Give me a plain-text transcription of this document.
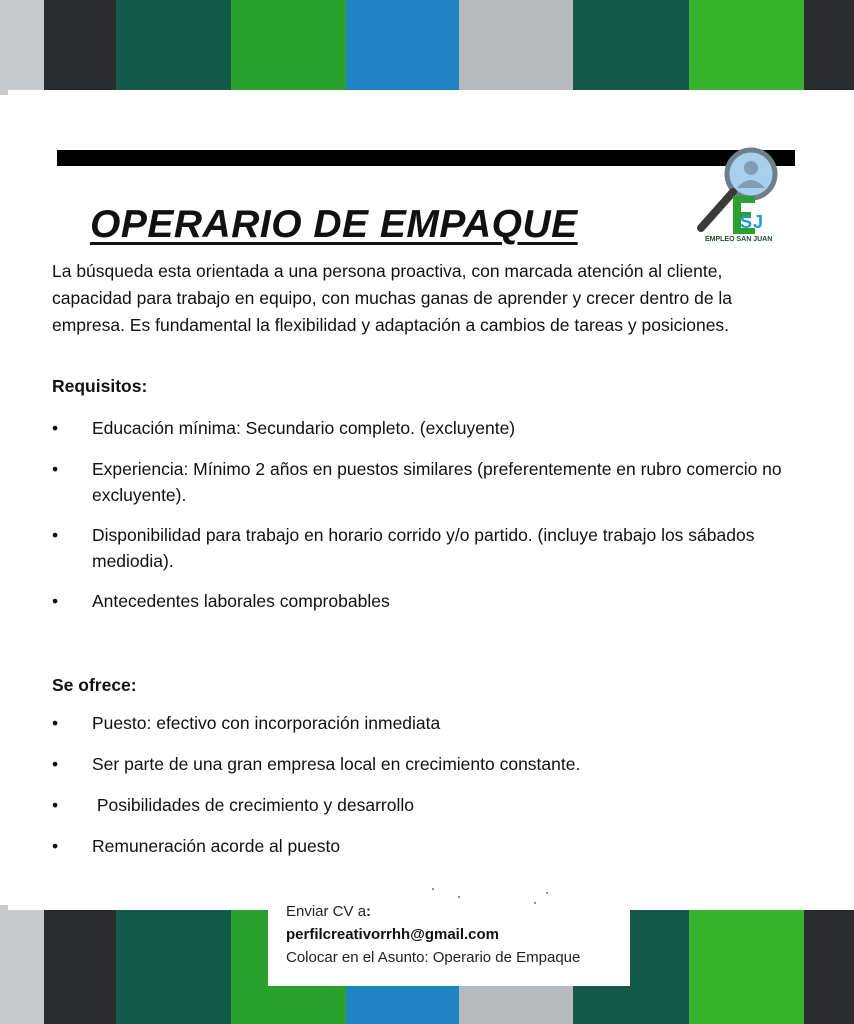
SJ
EMPLEO SAN JUAN
OPERARIO DE EMPAQUE

La búsqueda esta orientada a una persona proactiva, con marcada atención al cliente, capacidad para trabajo en equipo, con muchas ganas de aprender y crecer dentro de la empresa. Es fundamental la flexibilidad y adaptación a cambios de tareas y posiciones.

Requisitos:
• Educación mínima: Secundario completo. (excluyente)
• Experiencia: Mínimo 2 años en puestos similares (preferentemente en rubro comercio no excluyente).
• Disponibilidad para trabajo en horario corrido y/o partido. (incluye trabajo los sábados mediodia).
• Antecedentes laborales comprobables
Se ofrece:
• Puesto: efectivo con incorporación inmediata
• Ser parte de una gran empresa local en crecimiento constante.
• Posibilidades de crecimiento y desarrollo
• Remuneración acorde al puesto

Enviar CV a:

perfilcreativorrhh@gmail.com

Colocar en el Asunto: Operario de Empaque
